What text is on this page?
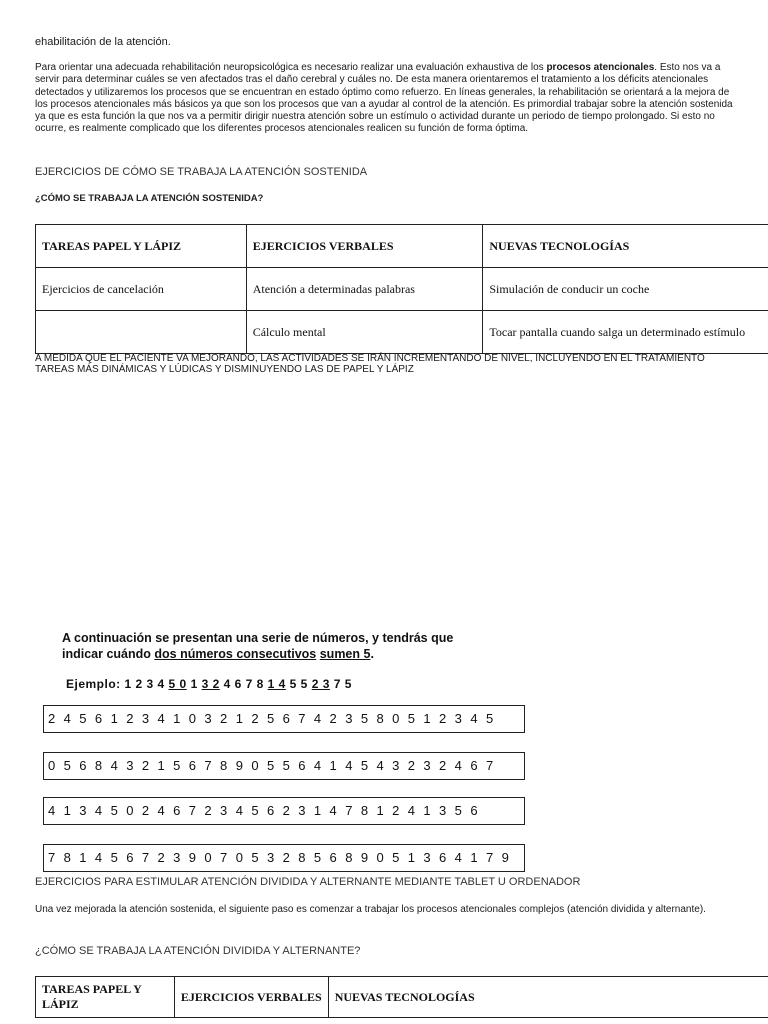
ehabilitación de la atención.
Para orientar una adecuada rehabilitación neuropsicológica es necesario realizar una evaluación exhaustiva de los procesos atencionales. Esto nos va a servir para determinar cuáles se ven afectados tras el daño cerebral y cuáles no. De esta manera orientaremos el tratamiento a los déficits atencionales detectados y utilizaremos los procesos que se encuentran en estado óptimo como refuerzo. En líneas generales, la rehabilitación se orientará a la mejora de los procesos atencionales más básicos ya que son los procesos que van a ayudar al control de la atención. Es primordial trabajar sobre la atención sostenida ya que es esta función la que nos va a permitir dirigir nuestra atención sobre un estímulo o actividad durante un periodo de tiempo prolongado. Si esto no ocurre, es realmente complicado que los diferentes procesos atencionales realicen su función de forma óptima.
EJERCICIOS DE CÓMO SE TRABAJA LA ATENCIÓN SOSTENIDA
¿CÓMO SE TRABAJA LA ATENCIÓN SOSTENIDA?
TAREAS PAPEL Y LÁPIZ	EJERCICIOS VERBALES	NUEVAS TECNOLOGÍAS
Ejercicios de cancelación	Atención a determinadas palabras	Simulación de conducir un coche
	Cálculo mental	Tocar pantalla cuando salga un determinado estímulo
A MEDIDA QUE EL PACIENTE VA MEJORANDO, LAS ACTIVIDADES SE IRÁN INCREMENTANDO DE NIVEL, INCLUYENDO EN EL TRATAMIENTO TAREAS MÁS DINÁMICAS Y LÚDICAS Y DISMINUYENDO LAS DE PAPEL Y LÁPIZ
A continuación se presentan una serie de números, y tendrás que
indicar cuándo dos números consecutivos sumen 5.
Ejemplo: 1 2 3 4 5 0 1 3 2 4 6 7 8 1 4 5 5 2 3 7 5
2 4 5 6 1 2 3 4 1 0 3 2 1 2 5 6 7 4 2 3 5 8 0 5 1 2 3 4 5
0 5 6 8 4 3 2 1 5 6 7 8 9 0 5 5 6 4 1 4 5 4 3 2 3 2 4 6 7
4 1 3 4 5 0 2 4 6 7 2 3 4 5 6 2 3 1 4 7 8 1 2 4 1 3 5 6
7 8 1 4 5 6 7 2 3 9 0 7 0 5 3 2 8 5 6 8 9 0 5 1 3 6 4 1 7 9
EJERCICIOS PARA ESTIMULAR ATENCIÓN DIVIDIDA Y ALTERNANTE MEDIANTE TABLET U ORDENADOR
Una vez mejorada la atención sostenida, el siguiente paso es comenzar a trabajar los procesos atencionales complejos (atención dividida y alternante).
¿CÓMO SE TRABAJA LA ATENCIÓN DIVIDIDA Y ALTERNANTE?
TAREAS PAPEL Y LÁPIZ	EJERCICIOS VERBALES	NUEVAS TECNOLOGÍAS
